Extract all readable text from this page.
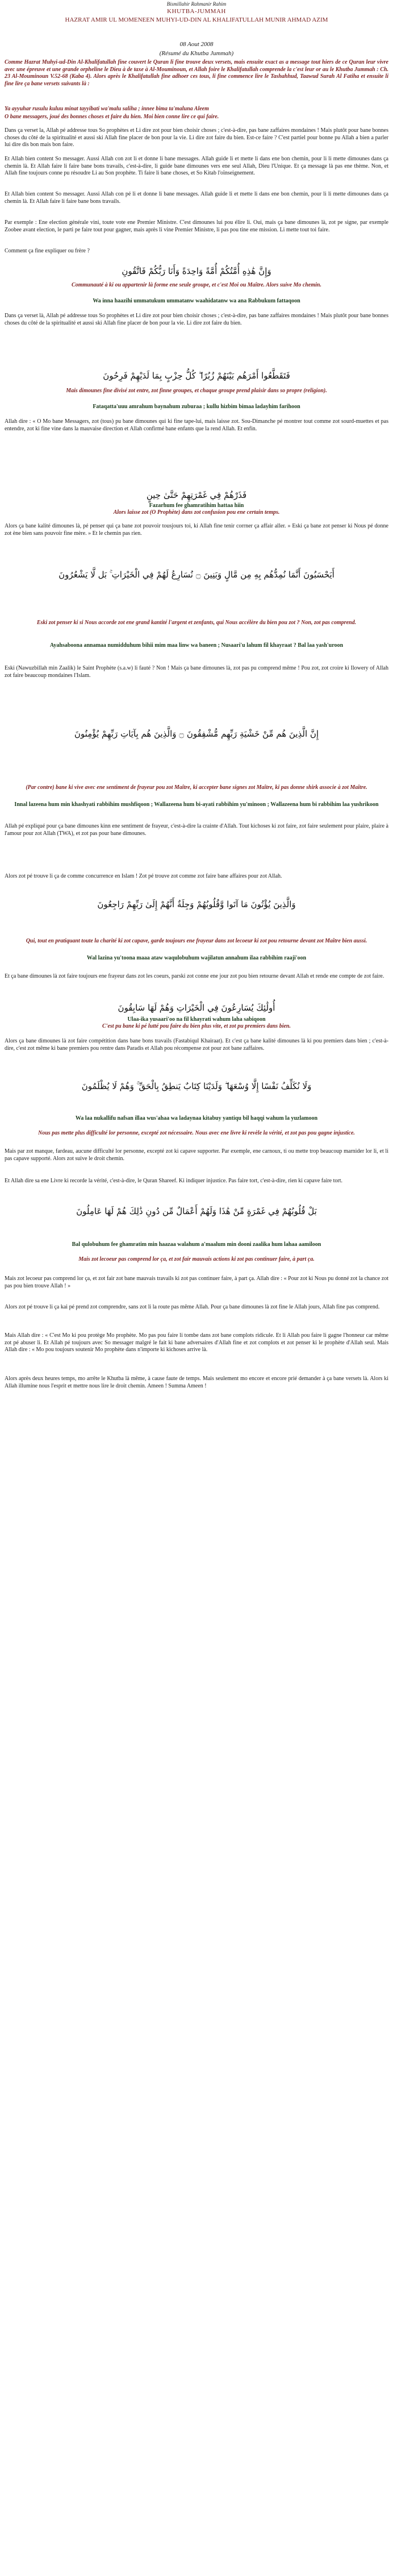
Bismillahir Rahmanir Rahim
KHUTBA-JUMMAH
HAZRAT AMIR UL MOMENEEN MUHYI-UD-DIN AL KHALIFATULLAH MUNIR AHMAD AZIM
08 Aout 2008
(Résumé du Khutba Jummah)
Comme Hazrat Muhyi-ud-Din Al-Khalifatullah fine couvert le Quran li fine trouve deux versets, mais ensuite exact as a message tout hiers de ce Quran leur vivre avec une épreuve et une grande orpheline le Dieu à de taxe à Al-Mouminoun, et Allah foire le Khalifatullah comprende la c'est leur or au le Khutba Jummah : Ch. 23 Al-Mouminoun V.52-68 (Kaba 4). Alors après le Khalifatullah fine adhoer ces tous, li fine commence lire le Tashahhud, Taawud Surah Al Fatiha et ensuite li fine lire ça bane versets suivants là :
Ya ayyuhar rusulu kuluu minat tayyibati wa'malu saliha ; innee bima ta'maluna Aleem
O bane messagers, joué des bonnes choses et faire du bien. Moi bien conne lire ce qui faire.
Dans ça verset la, Allah pé addresse tous So prophètes et Li dire zot pour bien choisir choses ; c'est-à-dire, pas bane zaffaires mondaines ! Mais plutôt pour bane bonnes choses du côté de la spiritualité et aussi ski Allah fine placer de bon pour la vie. Li dire zot faire du bien. Est-ce faire ? C'est partiel pour bonne pu Allah a bien a parler lui dire dis bon mais bon faire.
Et Allah bien content So messager. Aussi Allah con zot li et donne li bane messages. Allah guide li et mette li dans ene bon chemin, pour li li mette dimounes dans ça chemin là. Et Allah faire li faire bane bons travails, c'est-à-dire, li guide bane dimounes vers ene seul Allah, Dieu l'Unique. Et ça message là pas ene thème. Non, et Allah fine toujours conne pu résoudre Li au Son prophète. Ti faire li bane choses, et So Kitab l'oïnseignement.
Et Allah bien content So messager. Aussi Allah con pé li et donne li bane messages. Allah guide li et mette li dans ene bon chemin, pour li li mette dimounes dans ça chemin là. Et Allah faire li faire bane bons travails.
Par exemple : Ene election générale vini, toute vote ene Premier Ministre. C'est dimounes lui pou élire li. Oui, mais ça bane dimounes là, zot pe signe, par exemple Zoobee avant election, le parti pe faire tout pour gagner, mais après li vine Premier Ministre, li pas pou tine ene mission. Li mette tout toi faire.
Comment ça fine expliquer ou frère ?
وَإِنَّ هَٰذِهِ أُمَّتُكُمْ أُمَّةً وَاحِدَةً وَأَنَا رَبُّكُمْ فَاتَّقُونِ
Communauté à ki ou appartenir là forme ene seule groupe, et c'est Moi ou Maître. Alors suive Mo chemin.
Wa inna haazihi ummatukum ummatanw waahidatanw wa ana Rabbukum fattaqoon
Dans ça verset là, Allah pé addresse tous So prophètes et Li dire zot pour bien choisir choses ; c'est-à-dire, pas bane zaffaires mondaines ! Mais plutôt pour bane bonnes choses du côté de la spiritualité et aussi ski Allah fine placer de bon pour la vie. Li dire zot faire du bien.
فَتَقَطَّعُوا أَمْرَهُم بَيْنَهُمْ زُبُرًا ۖ كُلُّ حِزْبٍ بِمَا لَدَيْهِمْ فَرِحُونَ
Mais dimounes fine divisé zot entre, zot finne groupes, et chaque groupe prend plaisir dans so propre (religion).
Fataqatta'uuu amrahum baynahum zuburaa ; kullu hizbim bimaa ladayhim farihoon
Allah dire : « O Mo bane Messagers, zot (tous) pu bane dimounes qui ki fine tape-lui, mais laisse zot. Sou-Dimanche pé montrer tout comme zot sourd-muettes et pas entendre, zot ki fine vine dans la mauvaise direction et Allah confirmé bane enfants que la rend Allah. Et enfin.
فَذَرْهُمْ فِي غَمْرَتِهِمْ حَتَّىٰ حِينٍ
Alors laisse zot (O Prophète) dans zot confusion pou ene certain temps.
Fazarhum fee ghamratihim hattaa hiin
Alors ça bane kalité dimounes là, pé penser qui ça bane zot pouvoir tousjours toi, ki Allah fine tenir corrner ça affair aller. » Eski ça bane zot penser ki Nous pé donne zot ène bien sans pouvoir fine mère. » Et le chemin pas rien.
أَيَحْسَبُونَ أَنَّمَا نُمِدُّهُم بِهِ مِن مَّالٍ وَبَنِينَ ۝ نُسَارِعُ لَهُمْ فِي الْخَيْرَاتِ ۚ بَل لَّا يَشْعُرُونَ
Eski zot penser ki si Nous accorde zot ene grand kantité l'argent et zenfants, qui Nous accélère du bien pou zot ? Non, zot pas comprend.
Ayahsaboona annamaa numidduhum bihii mim maa linw wa baneen ; Nusaari'u lahum fil khayraat ? Bal laa yash'uroon
Eski (Nawuzbillah min Zaalik) le Saint Prophète (s.a.w) li fauté ? Non ! Mais ça bane dimounes là, zot pas pu comprend même ! Pou zot, zot croire ki Ilowery of Allah zot faire beaucoup mondaines l'Islam.
إِنَّ الَّذِينَ هُم مِّنْ خَشْيَةِ رَبِّهِم مُّشْفِقُونَ ۝ وَالَّذِينَ هُم بِآيَاتِ رَبِّهِمْ يُؤْمِنُونَ
(Par contre) bane ki vive avec ene sentiment de frayeur pou zot Maître, ki accepter bane signes zot Maître, ki pas donne shirk associe à zot Maître.
Innal lazeena hum min khashyati rabbihim mushfiqoon ; Wallazeena hum bi-ayati rabbihim yu'minoon ; Wallazeena hum bi rabbihim laa yushrikoon
Allah pé expliqué pour ça bane dimounes kinn ene sentiment de frayeur, c'est-à-dire la crainte d'Allah. Tout kichoses ki zot faire, zot faire seulement pour plaire, plaire à l'amour pour zot Allah (TWA), et zot pas pour bane dimounes.
Alors zot pé trouve li ça de comme concurrence en Islam ! Zot pé trouve zot comme zot faire bane affaires pour zot Allah.
وَالَّذِينَ يُؤْتُونَ مَا آتَوا وَّقُلُوبُهُمْ وَجِلَةٌ أَنَّهُمْ إِلَىٰ رَبِّهِمْ رَاجِعُونَ
Qui, tout en pratiquant toute la charité ki zot capave, garde toujours ene frayeur dans zot lecoeur ki zot pou retourne devant zot Maître bien aussi.
Wal lazina yu'toona maaa ataw waqulobuhum wajilatun annahum ilaa rabbihim raaji'oon
Et ça bane dimounes là zot faire toujours ene frayeur dans zot les coeurs, parski zot conne ene jour zot pou bien retourne devant Allah et rende ene compte de zot faire.
أُولَٰئِكَ يُسَارِعُونَ فِي الْخَيْرَاتِ وَهُمْ لَهَا سَابِقُونَ
C'est pu bane ki pé lutté pou faire du bien plus vite, et zot pu premiers dans bien.
Ulaa-ika yusaari'oo na fil khayrati wahum laha sabiqoon
Alors ça bane dimounes là zot faire compétition dans bane bons travails (Fastabiqul Khairaat). Et c'est ça bane kalité dimounes là ki pou premiers dans bien ; c'est-à-dire, c'est zot même ki bane premiers pou rentre dans Paradis et Allah pou récompense zot pour zot bane zaffaires.
وَلَا نُكَلِّفُ نَفْسًا إِلَّا وُسْعَهَا ۖ وَلَدَيْنَا كِتَابٌ يَنطِقُ بِالْحَقِّ ۚ وَهُمْ لَا يُظْلَمُونَ
Wa laa nukallifu nafsan illaa wus'ahaa wa ladaynaa kitabuy yantiqu bil haqqi wahum la yuzlamoon
Nous pas mette plus difficulté lor personne, excepté zot nécessaire. Nous avec ene livre ki revèle la vérité, et zot pas pou gagne injustice.
Mais par zot manque, fardeau, aucune difficulté lor personne, excepté zot ki capave supporter. Par exemple, ene carnoux, ti ou mette trop beaucoup marnider lor li, et li pas capave supporté. Alors zot suive le droit chemin.
Et Allah dire sa ene Livre ki recorde la vérité, c'est-à-dire, le Quran Shareef. Ki indiquer injustice. Pas faire tort, c'est-à-dire, rien ki capave faire tort.
بَلْ قُلُوبُهُمْ فِي غَمْرَةٍ مِّنْ هَٰذَا وَلَهُمْ أَعْمَالٌ مِّن دُونِ ذَٰلِكَ هُمْ لَهَا عَامِلُونَ
Bal qulobuhum fee ghamratim min haazaa walahum a'maalum min dooni zaalika hum lahaa aamiloon
Mais zot lecoeur pas comprend lor ça, et zot fair mauvais actions ki zot pas continuer faire, à part ça.
Mais zot lecoeur pas comprend lor ça, et zot fair zot bane mauvais travails ki zot pas continuer faire, à part ça. Allah dire : « Pour zot ki Nous pu donné zot la chance zot pas pou bien trouve Allah ! »
Alors zot pé trouve li ça kai pé prend zot comprendre, sans zot li la route pas même Allah. Pour ça bane dimounes là zot fine le Allah jours, Allah fine pas comprend.
Mais Allah dire : « C'est Mo ki pou protège Mo prophète. Mo pas pou faire li tombe dans zot bane complots ridicule. Et li Allah pou faire li gagne l'honneur car même zot pé abuser li. Et Allah pé toujours avec So messager malgré le fait ki bane adversaires d'Allah fine et zot complots et zot penser ki le prophète d'Allah seul. Mais Allah dire : « Mo pou toujours soutenir Mo prophète dans n'importe ki kichoses arrive là.
Alors après deux heures temps, mo arrête le Khutba là même, à cause faute de temps. Mais seulement mo encore et encore prié demander à ça bane versets là. Alors ki Allah illumine nous l'esprit et mettre nous lire le droit chemin. Ameen ! Summa Ameen !
